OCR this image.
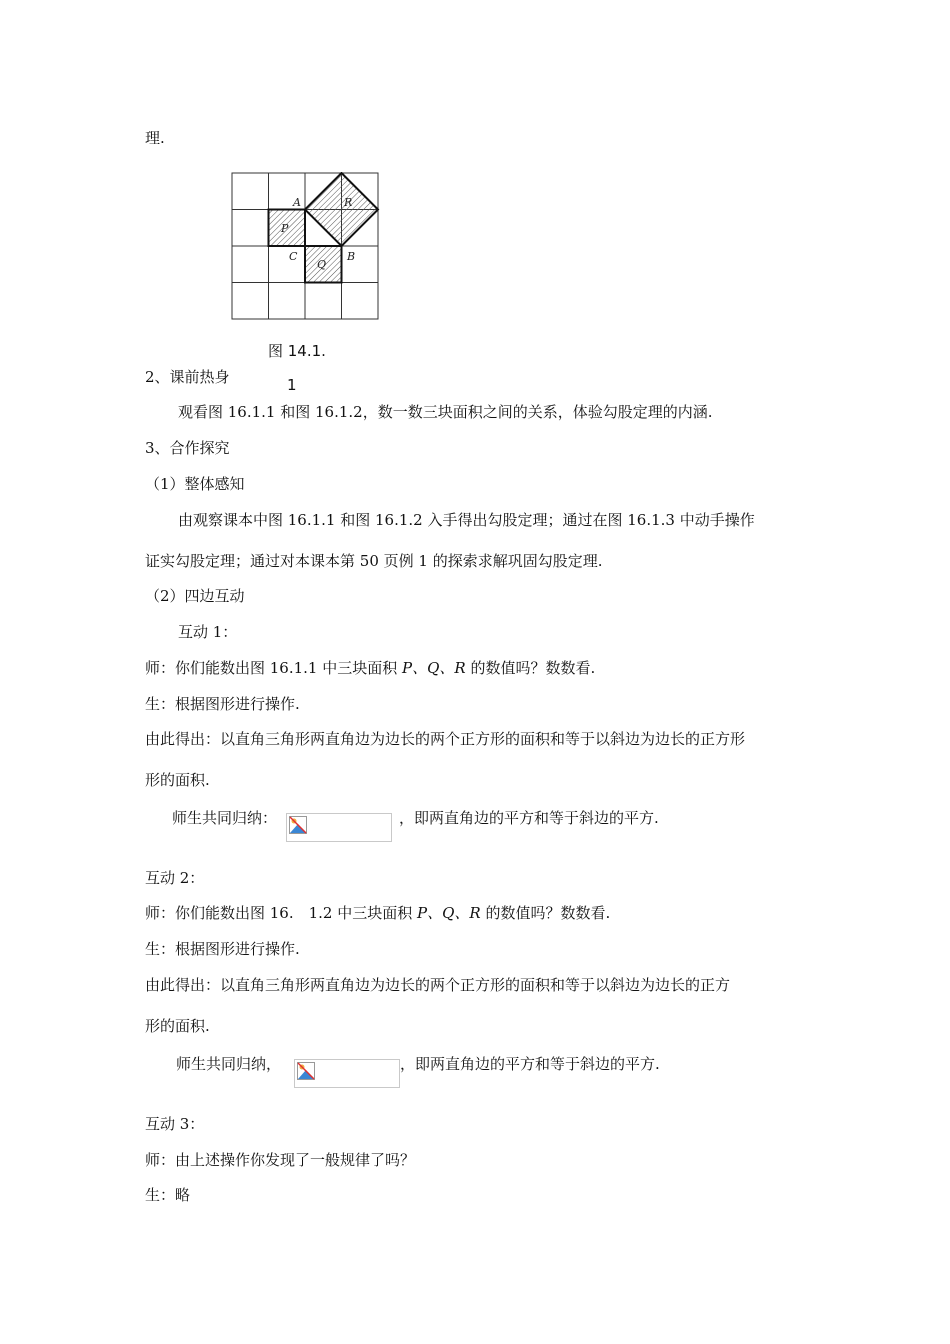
理.
A
P
R
C
Q
B
图 14.1.
1
2、课前热身
观看图 16.1.1 和图 16.1.2，数一数三块面积之间的关系，体验勾股定理的内涵.
3、合作探究
（1）整体感知
由观察课本中图 16.1.1 和图 16.1.2 入手得出勾股定理；通过在图 16.1.3 中动手操作
证实勾股定理；通过对本课本第 50 页例 1 的探索求解巩固勾股定理.
（2）四边互动
互动 1：
师：你们能数出图 16.1.1 中三块面积 P、Q、R 的数值吗？数数看.
生：根据图形进行操作.
由此得出：以直角三角形两直角边为边长的两个正方形的面积和等于以斜边为边长的正方形
形的面积.
师生共同归纳：	，即两直角边的平方和等于斜边的平方.
互动 2：
师：你们能数出图 16.　1.2 中三块面积 P、Q、R 的数值吗？数数看.
生：根据图形进行操作.
由此得出：以直角三角形两直角边为边长的两个正方形的面积和等于以斜边为边长的正方
形的面积.
师生共同归纳，	，即两直角边的平方和等于斜边的平方.
互动 3：
师：由上述操作你发现了一般规律了吗？
生：略
